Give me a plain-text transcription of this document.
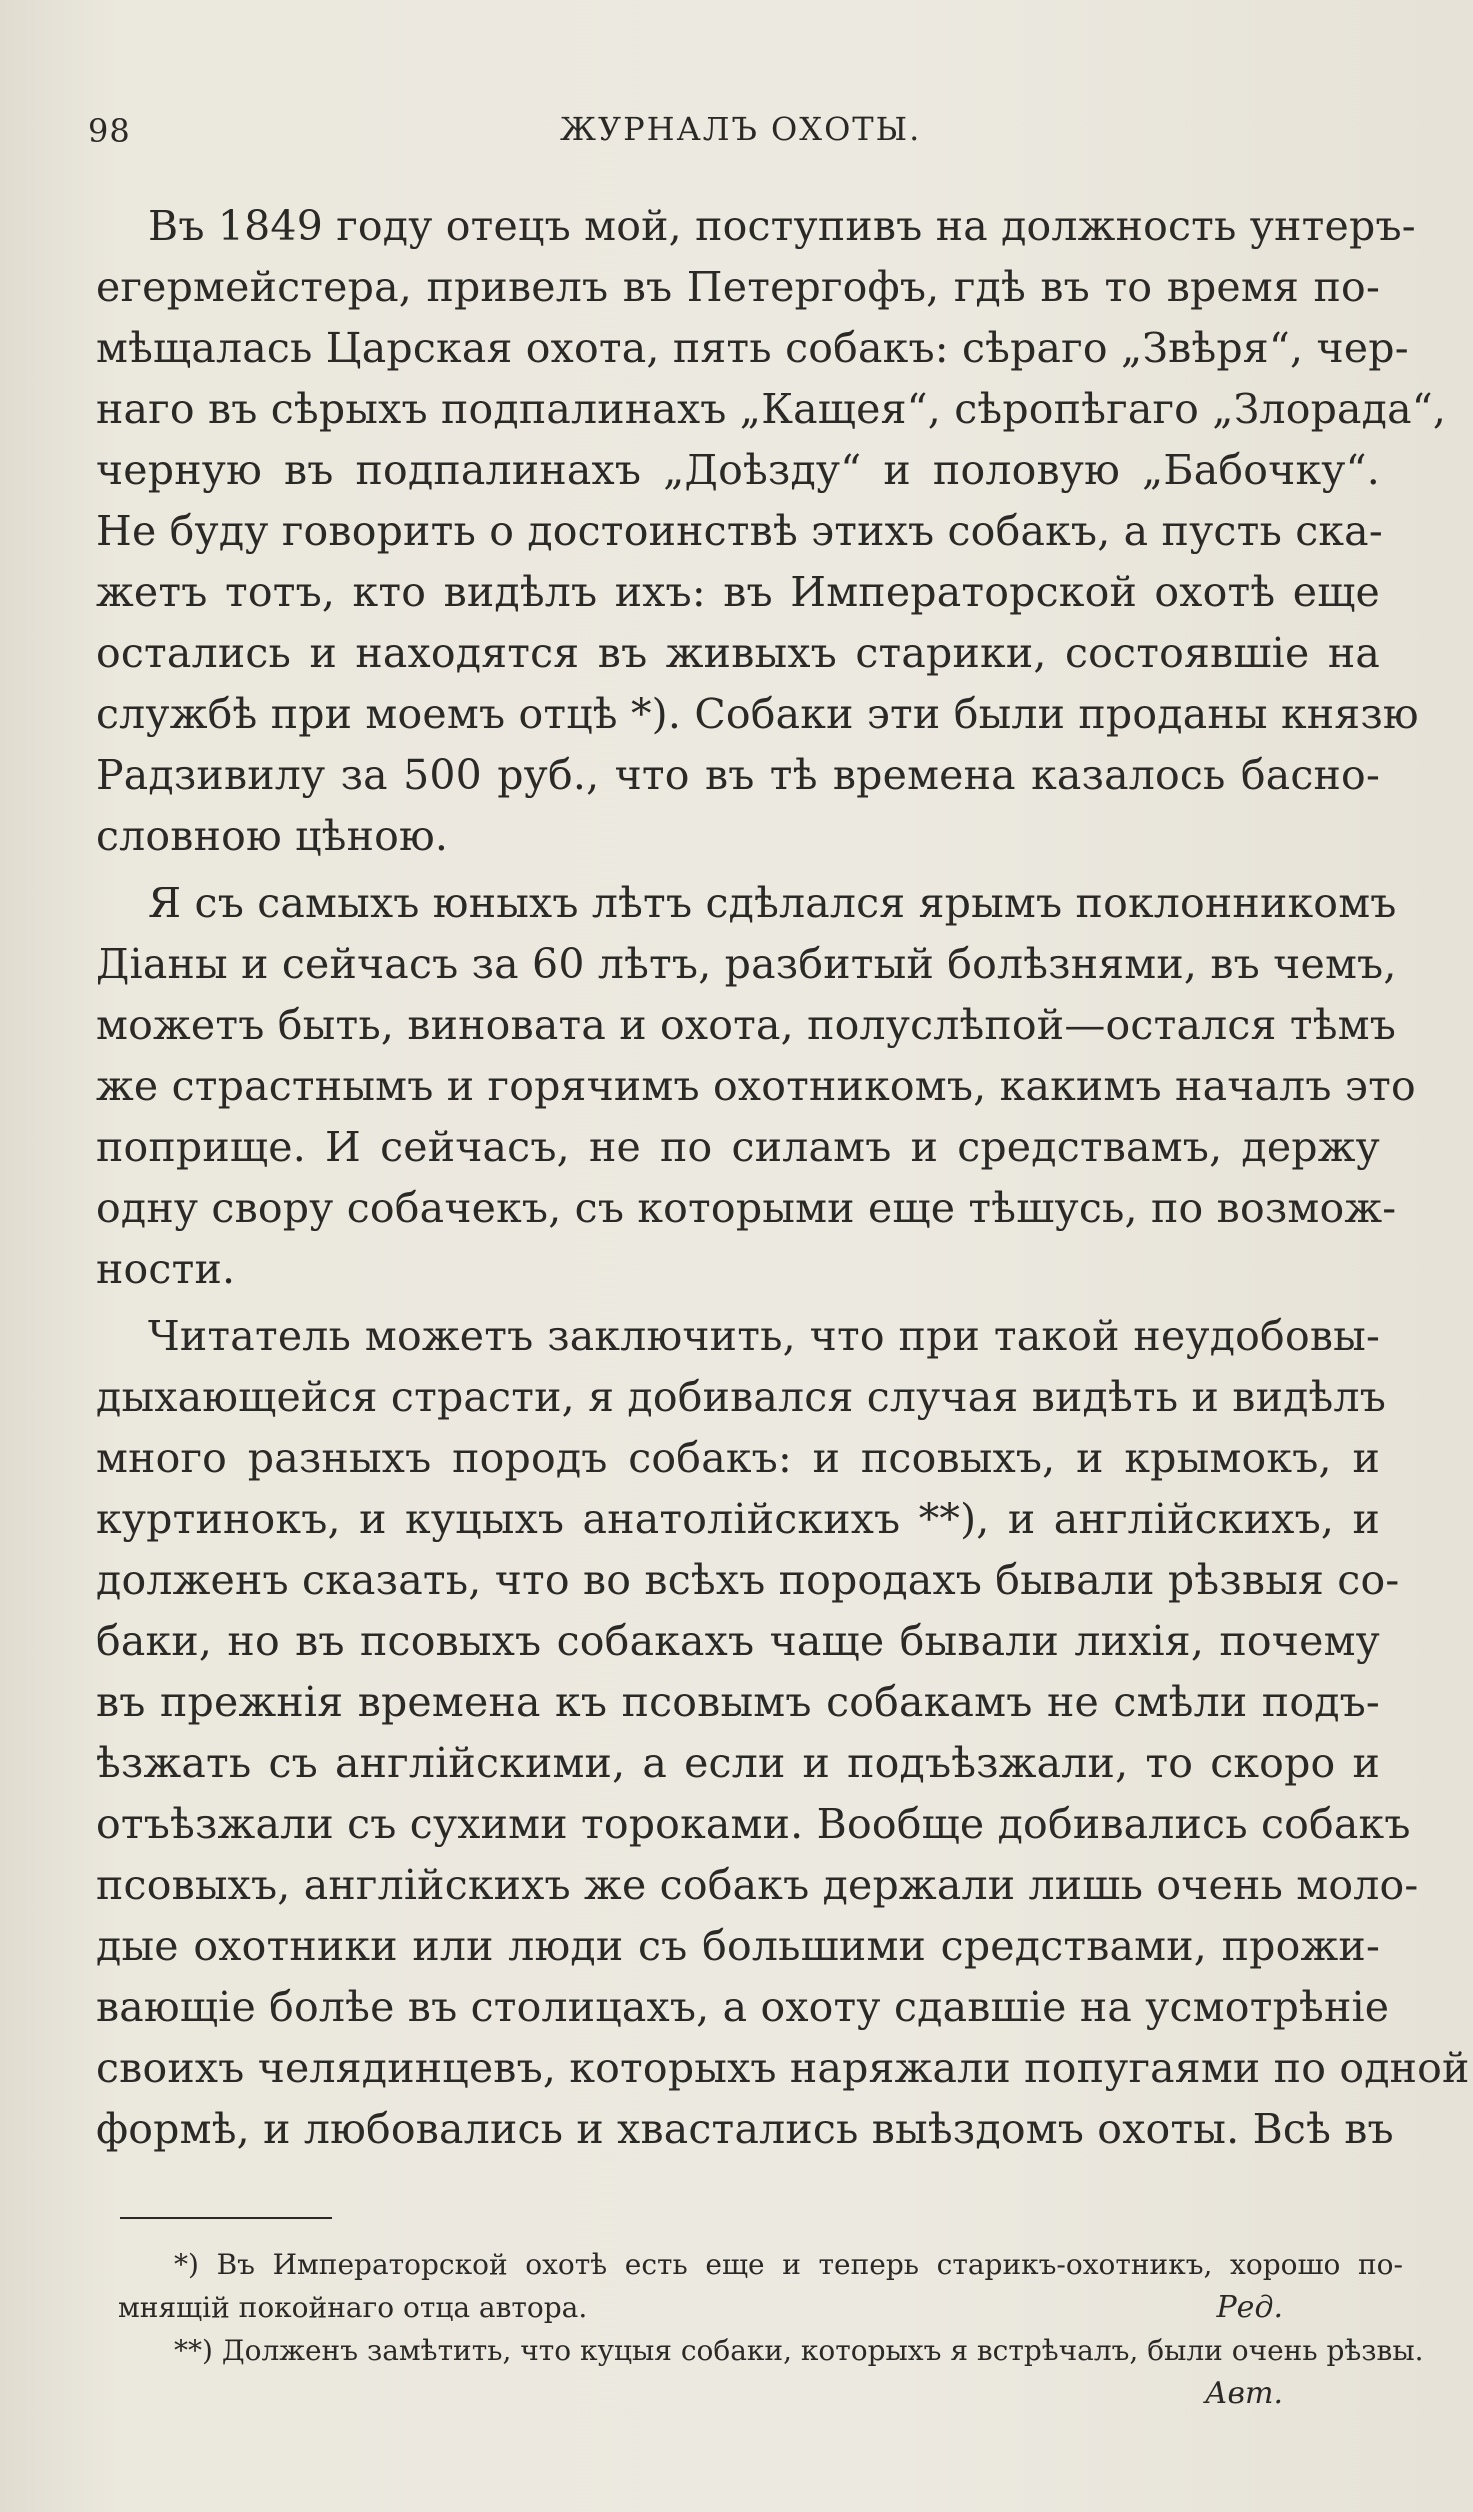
98	ЖУРНАЛЪ ОХОТЫ.
Въ 1849 году отецъ мой, поступивъ на должность унтеръ-
егермейстера, привелъ въ Петергофъ, гдѣ въ то время по-
мѣщалась Царская охота, пять собакъ: сѣраго „Звѣря“, чер-
наго въ сѣрыхъ подпалинахъ „Кащея“, сѣропѣгаго „Злорада“,
черную въ подпалинахъ „Доѣзду“ и половую „Бабочку“.
Не буду говорить о достоинствѣ этихъ собакъ, а пусть ска-
жетъ тотъ, кто видѣлъ ихъ: въ Императорской охотѣ еще
остались и находятся въ живыхъ старики, состоявшіе на
службѣ при моемъ отцѣ *). Собаки эти были проданы князю
Радзивилу за 500 руб., что въ тѣ времена казалось басно-
словною цѣною.
Я съ самыхъ юныхъ лѣтъ сдѣлался ярымъ поклонникомъ
Діаны и сейчасъ за 60 лѣтъ, разбитый болѣзнями, въ чемъ,
можетъ быть, виновата и охота, полуслѣпой—остался тѣмъ
же страстнымъ и горячимъ охотникомъ, какимъ началъ это
поприще. И сейчасъ, не по силамъ и средствамъ, держу
одну свору собачекъ, съ которыми еще тѣшусь, по возмож-
ности.
Читатель можетъ заключить, что при такой неудобовы-
дыхающейся страсти, я добивался случая видѣть и видѣлъ
много разныхъ породъ собакъ: и псовыхъ, и крымокъ, и
куртинокъ, и куцыхъ анатолійскихъ **), и англійскихъ, и
долженъ сказать, что во всѣхъ породахъ бывали рѣзвыя со-
баки, но въ псовыхъ собакахъ чаще бывали лихія, почему
въ прежнія времена къ псовымъ собакамъ не смѣли подъ-
ѣзжать съ англійскими, а если и подъѣзжали, то скоро и
отъѣзжали съ сухими тороками. Вообще добивались собакъ
псовыхъ, англійскихъ же собакъ держали лишь очень моло-
дые охотники или люди съ большими средствами, прожи-
вающіе болѣе въ столицахъ, а охоту сдавшіе на усмотрѣніе
своихъ челядинцевъ, которыхъ наряжали попугаями по одной
формѣ, и любовались и хвастались выѣздомъ охоты. Всѣ въ
*) Въ Императорской охотѣ есть еще и теперь старикъ-охотникъ, хорошо по-
мнящій покойнаго отца автора.	Ред.
**) Долженъ замѣтить, что куцыя собаки, которыхъ я встрѣчалъ, были очень рѣзвы.
Авт.
